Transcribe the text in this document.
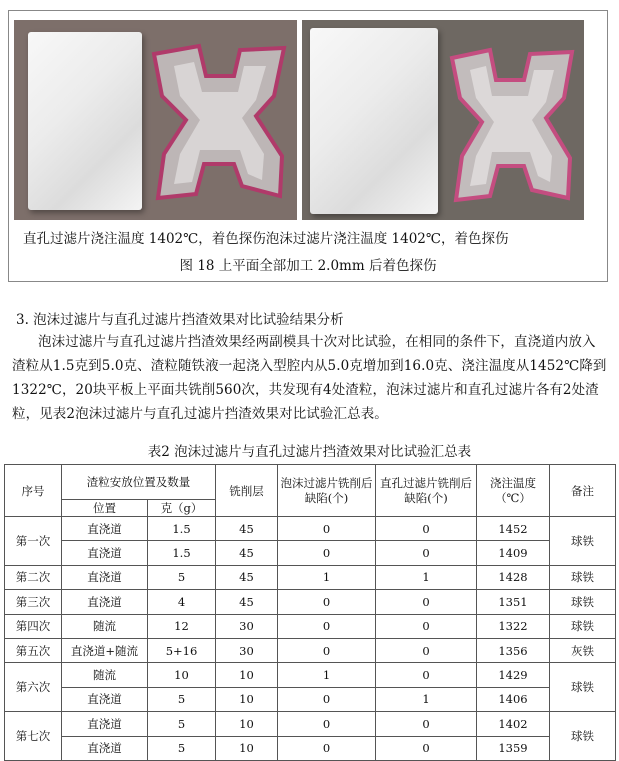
直孔过滤片浇注温度 1402℃，着色探伤泡沫过滤片浇注温度 1402℃，着色探伤
图 18 上平面全部加工 2.0mm 后着色探伤
3. 泡沫过滤片与直孔过滤片挡渣效果对比试验结果分析
泡沫过滤片与直孔过滤片挡渣效果经两副模具十次对比试验，在相同的条件下，直浇道内放入渣粒从1.5克到5.0克、渣粒随铁液一起浇入型腔内从5.0克增加到16.0克、浇注温度从1452℃降到1322℃，20块平板上平面共铣削560次，共发现有4处渣粒，泡沫过滤片和直孔过滤片各有2处渣粒，见表2泡沫过滤片与直孔过滤片挡渣效果对比试验汇总表。
表2 泡沫过滤片与直孔过滤片挡渣效果对比试验汇总表
序号	渣粒安放位置及数量		铣削层	泡沫过滤片铣削后缺陷(个)	直孔过滤片铣削后缺陷(个)	浇注温度（℃）	备注
	位置	克（g）					
第一次	直浇道	1.5	45	0	0	1452	球铁
	直浇道	1.5	45	0	0	1409	
第二次	直浇道	5	45	1	1	1428	球铁
第三次	直浇道	4	45	0	0	1351	球铁
第四次	随流	12	30	0	0	1322	球铁
第五次	直浇道+随流	5+16	30	0	0	1356	灰铁
第六次	随流	10	10	1	0	1429	球铁
	直浇道	5	10	0	1	1406	
第七次	直浇道	5	10	0	0	1402	球铁
	直浇道	5	10	0	0	1359	
